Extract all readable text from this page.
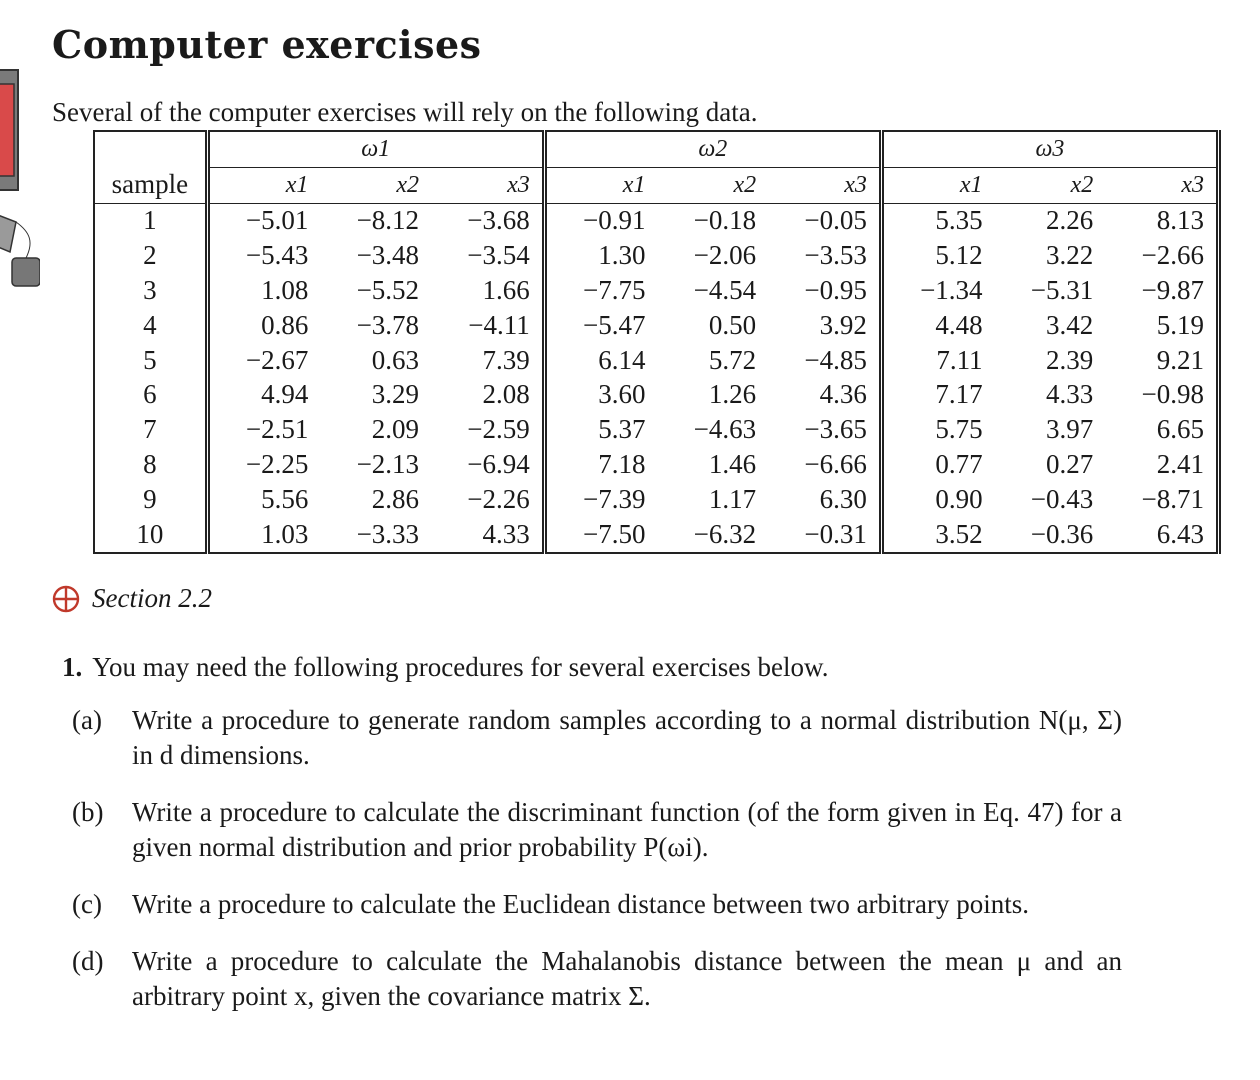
Computer exercises

Several of the computer exercises will rely on the following data.

	ω1			ω2			ω3		
sample	x1	x2	x3	x1	x2	x3	x1	x2	x3
1	−5.01	−8.12	−3.68	−0.91	−0.18	−0.05	5.35	2.26	8.13
2	−5.43	−3.48	−3.54	1.30	−2.06	−3.53	5.12	3.22	−2.66
3	1.08	−5.52	1.66	−7.75	−4.54	−0.95	−1.34	−5.31	−9.87
4	0.86	−3.78	−4.11	−5.47	0.50	3.92	4.48	3.42	5.19
5	−2.67	0.63	7.39	6.14	5.72	−4.85	7.11	2.39	9.21
6	4.94	3.29	2.08	3.60	1.26	4.36	7.17	4.33	−0.98
7	−2.51	2.09	−2.59	5.37	−4.63	−3.65	5.75	3.97	6.65
8	−2.25	−2.13	−6.94	7.18	1.46	−6.66	0.77	0.27	2.41
9	5.56	2.86	−2.26	−7.39	1.17	6.30	0.90	−0.43	−8.71
10	1.03	−3.33	4.33	−7.50	−6.32	−0.31	3.52	−0.36	6.43
Section 2.2
1. You may need the following procedures for several exercises below.
(a)	Write a procedure to generate random samples according to a normal distribution N(μ, Σ) in d dimensions.
(b)	Write a procedure to calculate the discriminant function (of the form given in Eq. 47) for a given normal distribution and prior probability P(ωi).
(c)	Write a procedure to calculate the Euclidean distance between two arbitrary points.
(d)	Write a procedure to calculate the Mahalanobis distance between the mean μ and an arbitrary point x, given the covariance matrix Σ.
